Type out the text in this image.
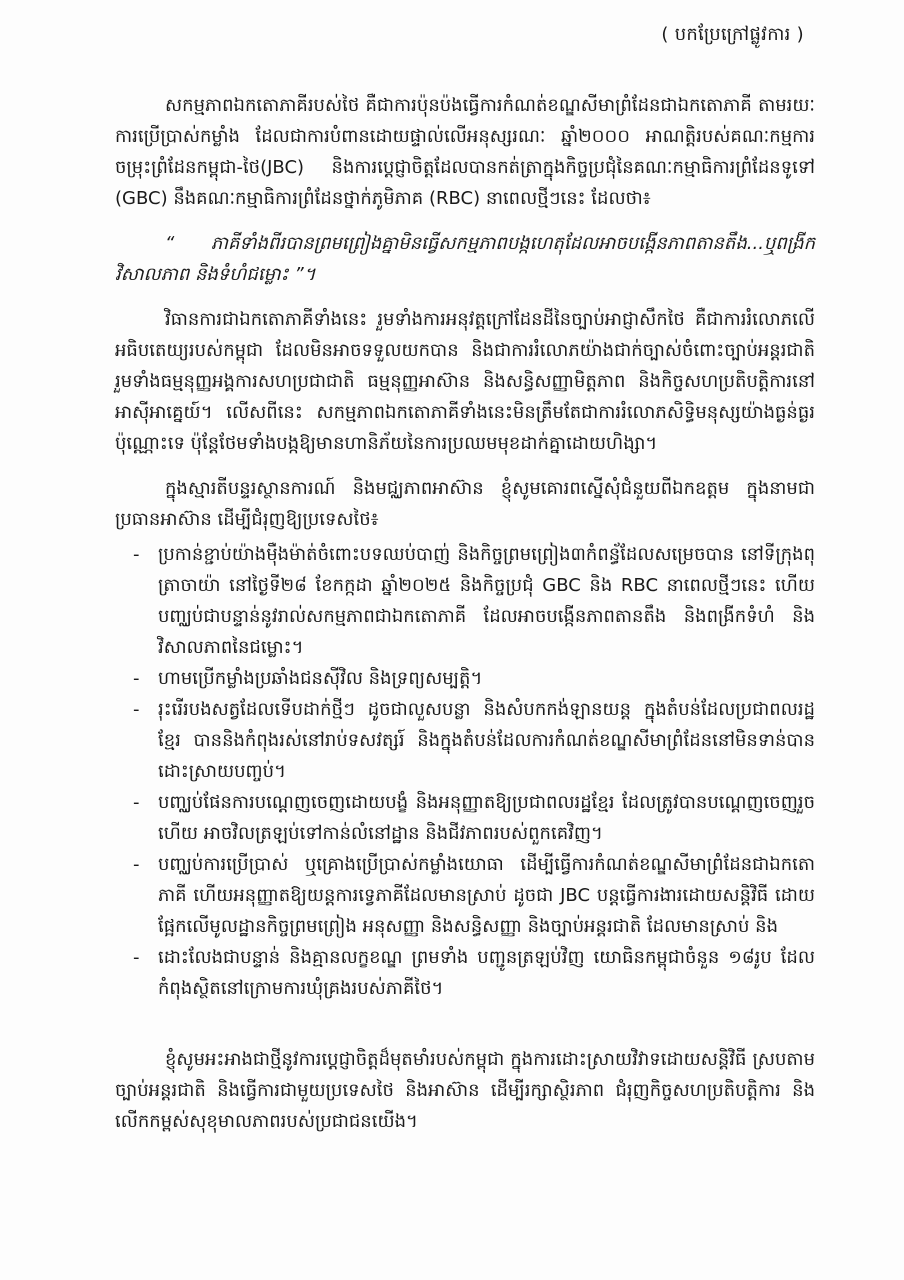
( បកប្រែក្រៅផ្លូវការ )

សកម្មភាពឯកតោភាគីរបស់ថៃ គឺជាការប៉ុនប៉ងធ្វើការកំណត់ខណ្ឌសីមាព្រំដែនជាឯកតោភាគី តាមរយៈការប្រើប្រាស់កម្លាំង ដែលជាការបំពានដោយផ្ទាល់លើអនុស្សរណៈ ឆ្នាំ២០០០ អាណត្តិរបស់គណៈកម្មការចម្រុះព្រំដែនកម្ពុជា-ថៃ(JBC) និងការប្តេជ្ញាចិត្តដែលបានកត់ត្រាក្នុងកិច្ចប្រជុំនៃគណៈកម្មាធិការព្រំដែនទូទៅ (GBC) នឹងគណៈកម្មាធិការព្រំដែនថ្នាក់ភូមិភាគ (RBC) នាពេលថ្មីៗនេះ ដែលថា៖

“ ភាគីទាំងពីរបានព្រមព្រៀងគ្នាមិនធ្វើសកម្មភាពបង្កហេតុដែលអាចបង្កើនភាពតានតឹង...ឬពង្រីកវិសាលភាព និងទំហំជម្លោះ ”។

វិធានការជាឯកតោភាគីទាំងនេះ រួមទាំងការអនុវត្តក្រៅដែនដីនៃច្បាប់អាជ្ញាសឹកថៃ គឺជាការរំលោភលើអធិបតេយ្យរបស់កម្ពុជា ដែលមិនអាចទទួលយកបាន និងជាការរំលោភយ៉ាងជាក់ច្បាស់ចំពោះច្បាប់អន្តរជាតិ រួមទាំងធម្មនុញ្ញអង្គការសហប្រជាជាតិ ធម្មនុញ្ញអាស៊ាន និងសន្ធិសញ្ញាមិត្តភាព និងកិច្ចសហប្រតិបត្តិការនៅអាស៊ីអាគ្នេយ៍។ លើសពីនេះ សកម្មភាពឯកតោភាគីទាំងនេះមិនត្រឹមតែជាការរំលោភសិទ្ធិមនុស្សយ៉ាងធ្ងន់ធ្ងរប៉ុណ្ណោះទេ ប៉ុន្តែថែមទាំងបង្កឱ្យមានហានិភ័យនៃការប្រឈមមុខដាក់គ្នាដោយហិង្សា។

ក្នុងស្មារតីបន្ទរស្ថានការណ៍ និងមជ្ឈភាពអាស៊ាន ខ្ញុំសូមគោរពស្នើសុំជំនួយពីឯកឧត្តម ក្នុងនាមជាប្រធានអាស៊ាន ដើម្បីជំរុញឱ្យប្រទេសថៃ៖

- ប្រកាន់ខ្ជាប់យ៉ាងម៉ឺងម៉ាត់ចំពោះបទឈប់បាញ់ និងកិច្ចព្រមព្រៀង៣កំពន្ធ័ដែលសម្រេចបាន នៅទីក្រុងពុត្រាចាយ៉ា នៅថ្ងៃទី២៨ ខែកក្កដា ឆ្នាំ២០២៥ និងកិច្ចប្រជុំ GBC និង RBC នាពេលថ្មីៗនេះ ហើយបញ្ឈប់ជាបន្ទាន់នូវរាល់សកម្មភាពជាឯកតោភាគី ដែលអាចបង្កើនភាពតានតឹង និងពង្រីកទំហំ និងវិសាលភាពនៃជម្លោះ។
- ហាមប្រើកម្លាំងប្រឆាំងជនស៊ីវិល និងទ្រព្យសម្បត្តិ។
- រុះរើរបងសត្វដែលទើបដាក់ថ្មីៗ ដូចជាលួសបន្លា និងសំបកកង់ឡានយន្ត ក្នុងតំបន់ដែលប្រជាពលរដ្ឋខ្មែរ បាននិងកំពុងរស់នៅរាប់ទសវត្សរ៍ និងក្នុងតំបន់ដែលការកំណត់ខណ្ឌសីមាព្រំដែននៅមិនទាន់បានដោះស្រាយបញ្ចប់។
- បញ្ឈប់ផែនការបណ្តេញចេញដោយបង្ខំ និងអនុញ្ញាតឱ្យប្រជាពលរដ្ឋខ្មែរ ដែលត្រូវបានបណ្តេញចេញរួចហើយ អាចវិលត្រឡប់ទៅកាន់លំនៅដ្ឋាន និងជីវភាពរបស់ពួកគេវិញ។
- បញ្ឈប់ការប្រើប្រាស់ ឬគ្រោងប្រើប្រាស់កម្លាំងយោធា ដើម្បីធ្វើការកំណត់ខណ្ឌសីមាព្រំដែនជាឯកតោភាគី ហើយអនុញ្ញាតឱ្យយន្តការទ្វេភាគីដែលមានស្រាប់ ដូចជា JBC បន្តធ្វើការងារដោយសន្តិវិធី ដោយផ្អែកលើមូលដ្ឋានកិច្ចព្រមព្រៀង អនុសញ្ញា និងសន្ធិសញ្ញា និងច្បាប់អន្តរជាតិ ដែលមានស្រាប់ និង
- ដោះលែងជាបន្ទាន់ និងគ្មានលក្ខខណ្ឌ ព្រមទាំង បញ្ជូនត្រឡប់វិញ យោធិនកម្ពុជាចំនួន ១៨រូប ដែលកំពុងស្ថិតនៅក្រោមការឃុំគ្រងរបស់ភាគីថៃ។

ខ្ញុំសូមអះអាងជាថ្មីនូវការប្តេជ្ញាចិត្តដ៏មុតមាំរបស់កម្ពុជា ក្នុងការដោះស្រាយវិវាទដោយសន្តិវិធី ស្របតាមច្បាប់អន្តរជាតិ និងធ្វើការជាមួយប្រទេសថៃ និងអាស៊ាន ដើម្បីរក្សាស្ថិរភាព ជំរុញកិច្ចសហប្រតិបត្តិការ និងលើកកម្ពស់សុខុមាលភាពរបស់ប្រជាជនយើង។
